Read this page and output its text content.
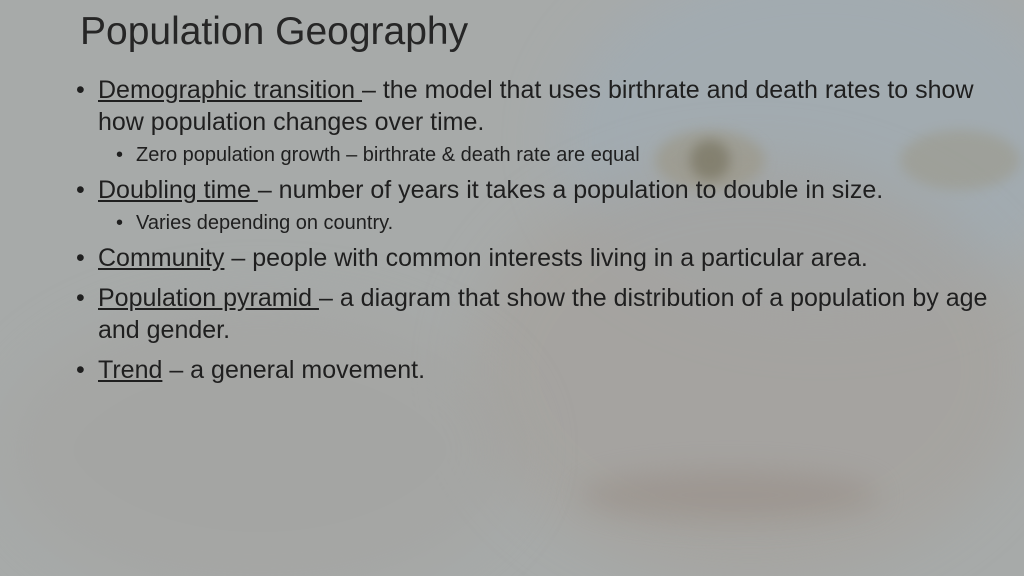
Population Geography
• Demographic transition – the model that uses birthrate and death rates to show how population changes over time.
• Zero population growth – birthrate & death rate are equal
• Doubling time – number of years it takes a population to double in size.
• Varies depending on country.
• Community – people with common interests living in a particular area.
• Population pyramid – a diagram that show the distribution of a population by age and gender.
• Trend – a general movement.
